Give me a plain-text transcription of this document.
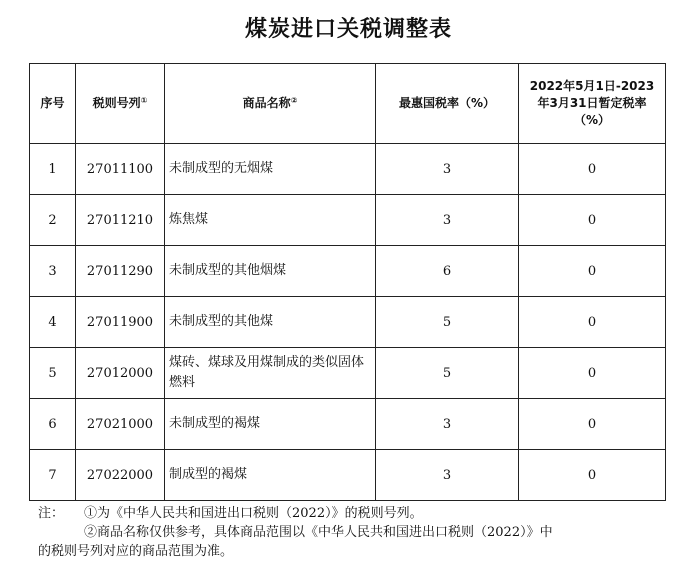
煤炭进口关税调整表
序号	税则号列①	商品名称②	最惠国税率（%）	2022年5月1日-2023
年3月31日暂定税率
（%）

1	27011100	未制成型的无烟煤	3	0
2	27011210	炼焦煤	3	0
3	27011290	未制成型的其他烟煤	6	0
4	27011900	未制成型的其他煤	5	0
5	27012000	煤砖、煤球及用煤制成的类似固体燃料	5	0
6	27021000	未制成型的褐煤	3	0
7	27022000	制成型的褐煤	3	0
注：	①为《中华人民共和国进出口税则（2022）》的税则号列。
②商品名称仅供参考，具体商品范围以《中华人民共和国进出口税则（2022）》中
的税则号列对应的商品范围为准。
